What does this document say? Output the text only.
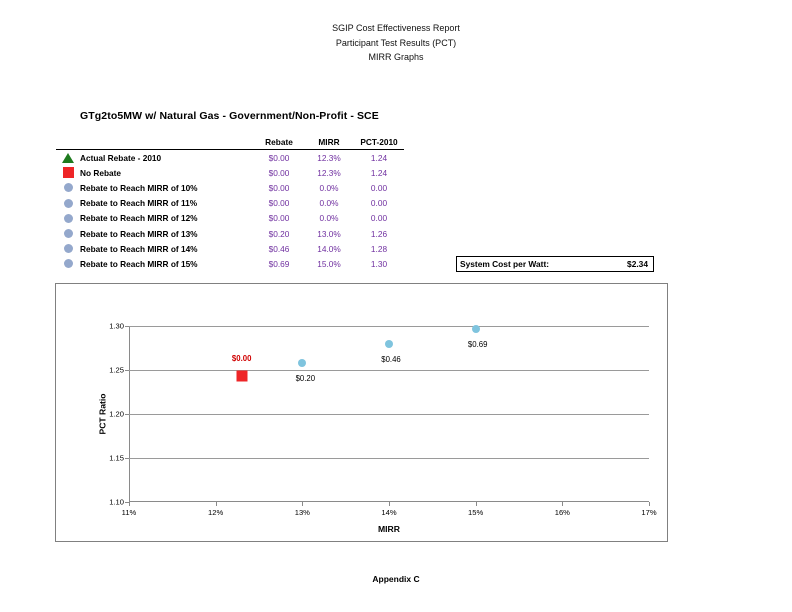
SGIP Cost Effectiveness Report
Participant Test Results (PCT)
MIRR Graphs
GTg2to5MW w/ Natural Gas - Government/Non-Profit - SCE
		Rebate	MIRR	PCT-2010
	Actual Rebate - 2010	$0.00	12.3%	1.24
	No Rebate	$0.00	12.3%	1.24
	Rebate to Reach MIRR of 10%	$0.00	0.0%	0.00
	Rebate to Reach MIRR of 11%	$0.00	0.0%	0.00
	Rebate to Reach MIRR of 12%	$0.00	0.0%	0.00
	Rebate to Reach MIRR of 13%	$0.20	13.0%	1.26
	Rebate to Reach MIRR of 14%	$0.46	14.0%	1.28
	Rebate to Reach MIRR of 15%	$0.69	15.0%	1.30	System Cost per Watt:	$2.34
PCT Ratio
MIRR
1.10
1.15
1.20
1.25
1.30
11%	12%	13%	14%	15%	16%	17%
$0.00
$0.20
$0.46
$0.69
Appendix C
